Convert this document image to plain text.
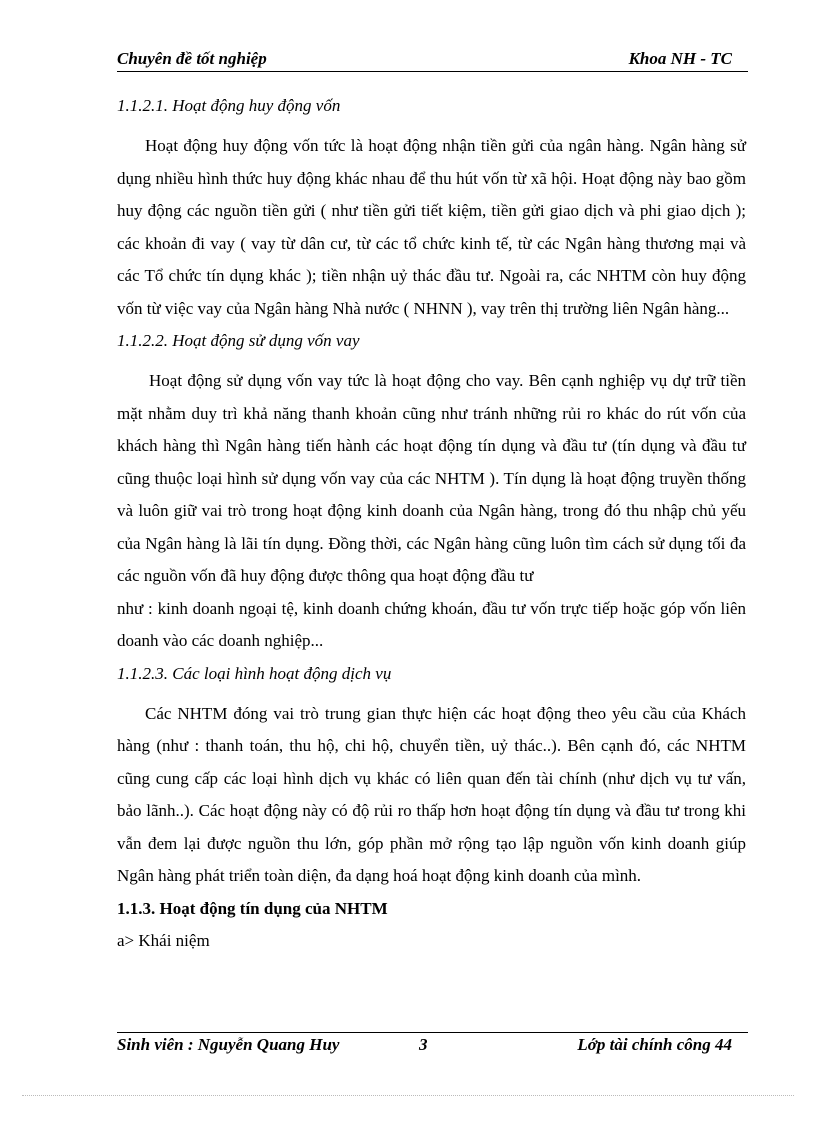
Chuyên đề tốt nghiệp	Khoa NH - TC
1.1.2.1. Hoạt động huy động vốn

Hoạt động huy động vốn tức là hoạt động nhận tiền gửi của ngân hàng. Ngân hàng sử dụng nhiều hình thức huy động khác nhau để thu hút vốn từ xã hội. Hoạt động này bao gồm huy động các nguồn tiền gửi ( như tiền gửi tiết kiệm, tiền gửi giao dịch và phi giao dịch ); các khoản đi vay ( vay từ dân cư, từ các tổ chức kinh tế, từ các Ngân hàng thương mại và các Tổ chức tín dụng khác ); tiền nhận uỷ thác đầu tư. Ngoài ra, các NHTM còn huy động vốn từ việc vay của Ngân hàng Nhà nước ( NHNN ), vay trên thị trường liên Ngân hàng...

1.1.2.2. Hoạt động sử dụng vốn vay

Hoạt động sử dụng vốn vay tức là hoạt động cho vay. Bên cạnh nghiệp vụ dự trữ tiền mặt nhằm duy trì khả năng thanh khoản cũng như tránh những rủi ro khác do rút vốn của khách hàng thì Ngân hàng tiến hành các hoạt động tín dụng và đầu tư (tín dụng và đầu tư cũng thuộc loại hình sử dụng vốn vay của các NHTM ). Tín dụng là hoạt động truyền thống và luôn giữ vai trò trong hoạt động kinh doanh của Ngân hàng, trong đó thu nhập chủ yếu của Ngân hàng là lãi tín dụng. Đồng thời, các Ngân hàng cũng luôn tìm cách sử dụng tối đa các nguồn vốn đã huy động được thông qua hoạt động đầu tư

như : kinh doanh ngoại tệ, kinh doanh chứng khoán, đầu tư vốn trực tiếp hoặc góp vốn liên doanh vào các doanh nghiệp...

1.1.2.3. Các loại hình hoạt động dịch vụ

Các NHTM đóng vai trò trung gian thực hiện các hoạt động theo yêu cầu của Khách hàng (như : thanh toán, thu hộ, chi hộ, chuyển tiền, uỷ thác..). Bên cạnh đó, các NHTM cũng cung cấp các loại hình dịch vụ khác có liên quan đến tài chính (như dịch vụ tư vấn, bảo lãnh..). Các hoạt động này có độ rủi ro thấp hơn hoạt động tín dụng và đầu tư trong khi vẫn đem lại được nguồn thu lớn, góp phần mở rộng tạo lập nguồn vốn kinh doanh giúp Ngân hàng phát triển toàn diện, đa dạng hoá hoạt động kinh doanh của mình.

1.1.3. Hoạt động tín dụng của NHTM
a> Khái niệm
Sinh viên : Nguyễn Quang Huy	3	Lớp tài chính công 44
